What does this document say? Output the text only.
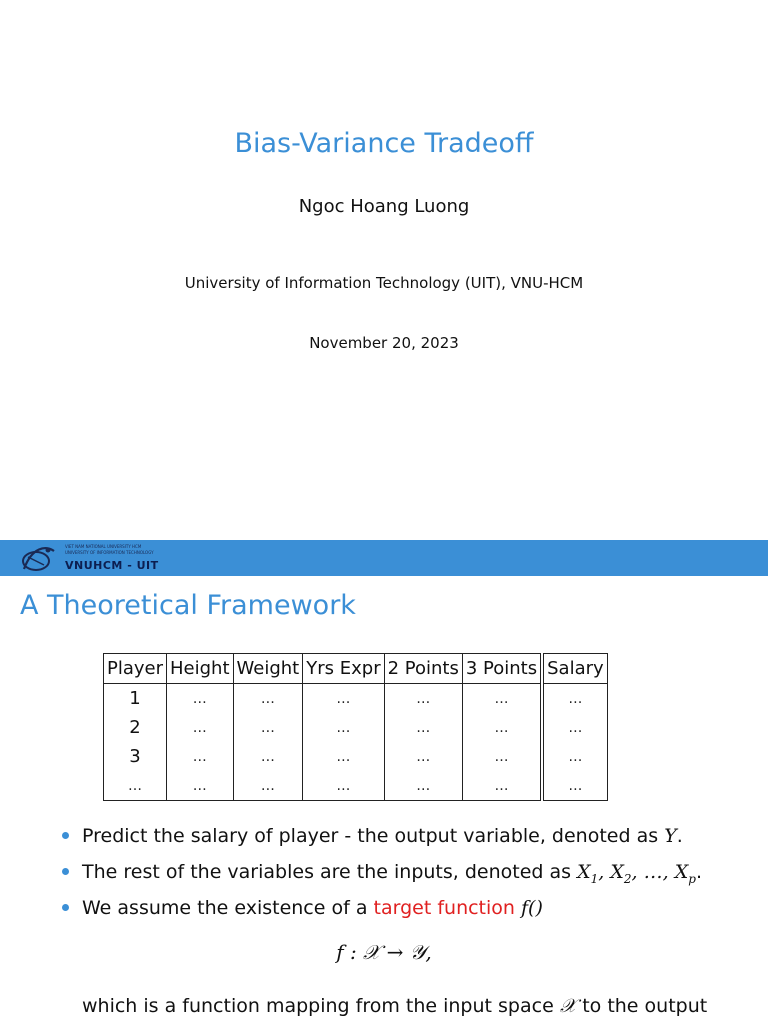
Bias-Variance Tradeoff
Ngoc Hoang Luong
University of Information Technology (UIT), VNU-HCM
November 20, 2023
VIET NAM NATIONAL UNIVERSITY HCM
UNIVERSITY OF INFORMATION TECHNOLOGY
VNUHCM - UIT
A Theoretical Framework
Player	Height	Weight	Yrs Expr	2 Points	3 Points	Salary
1	…	…	…	…	…	…
2	…	…	…	…	…	…
3	…	…	…	…	…	…
…	…	…	…	…	…	…
Predict the salary of player - the output variable, denoted as Y.
The rest of the variables are the inputs, denoted as $X_1$, $X_2$, …, $X_p$.
We assume the existence of a target function f()
f : 𝒳 → 𝒴,
which is a function mapping from the input space 𝒳 to the output
